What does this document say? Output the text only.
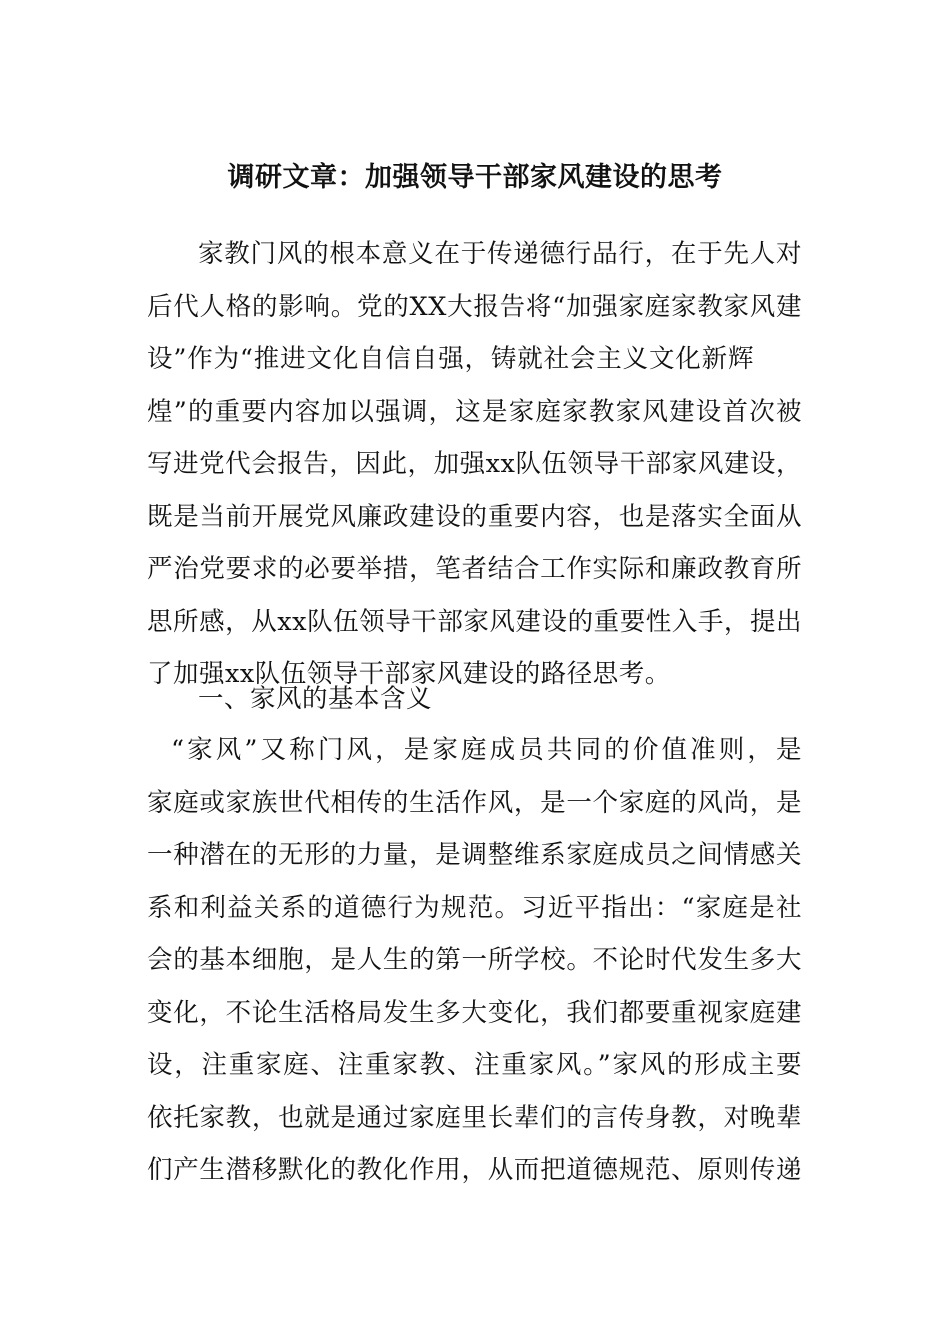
调研文章：加强领导干部家风建设的思考
家教门风的根本意义在于传递德行品行，在于先人对
后代人格的影响。党的XX大报告将“加强家庭家教家风建
设”作为“推进文化自信自强，铸就社会主义文化新辉
煌”的重要内容加以强调，这是家庭家教家风建设首次被
写进党代会报告，因此，加强xx队伍领导干部家风建设，
既是当前开展党风廉政建设的重要内容，也是落实全面从
严治党要求的必要举措，笔者结合工作实际和廉政教育所
思所感，从xx队伍领导干部家风建设的重要性入手，提出
了加强xx队伍领导干部家风建设的路径思考。
一、家风的基本含义
“家风”又称门风，是家庭成员共同的价值准则，是
家庭或家族世代相传的生活作风，是一个家庭的风尚，是
一种潜在的无形的力量，是调整维系家庭成员之间情感关
系和利益关系的道德行为规范。习近平指出：“家庭是社
会的基本细胞，是人生的第一所学校。不论时代发生多大
变化，不论生活格局发生多大变化，我们都要重视家庭建
设，注重家庭、注重家教、注重家风。”家风的形成主要
依托家教，也就是通过家庭里长辈们的言传身教，对晚辈
们产生潜移默化的教化作用，从而把道德规范、原则传递
